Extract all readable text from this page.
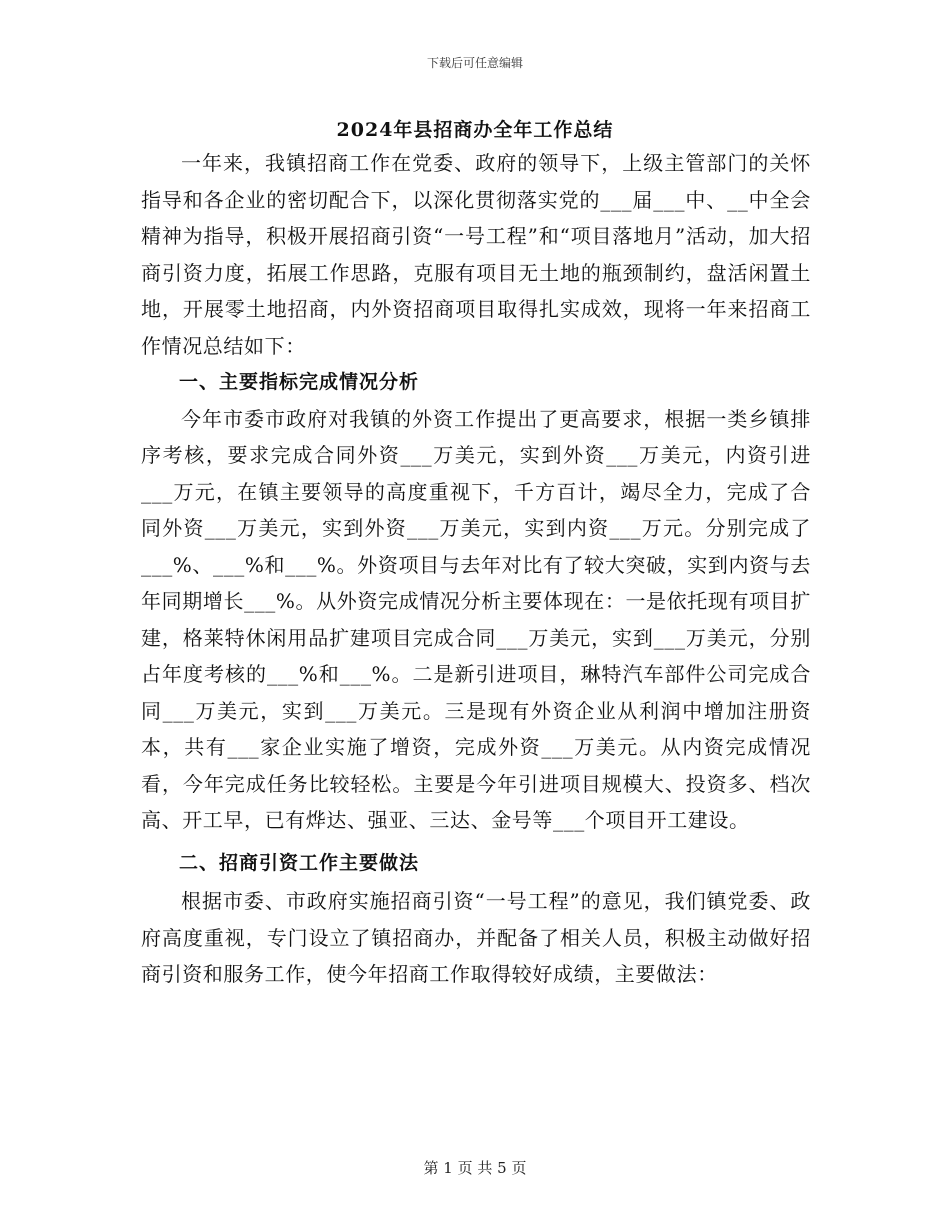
下载后可任意编辑
2024年县招商办全年工作总结

一年来，我镇招商工作在党委、政府的领导下，上级主管部门的关怀指导和各企业的密切配合下，以深化贯彻落实党的___届___中、__中全会精神为指导，积极开展招商引资“一号工程”和“项目落地月”活动，加大招商引资力度，拓展工作思路，克服有项目无土地的瓶颈制约，盘活闲置土地，开展零土地招商，内外资招商项目取得扎实成效，现将一年来招商工作情况总结如下：

一、主要指标完成情况分析

今年市委市政府对我镇的外资工作提出了更高要求，根据一类乡镇排序考核，要求完成合同外资___万美元，实到外资___万美元，内资引进___万元，在镇主要领导的高度重视下，千方百计，竭尽全力，完成了合同外资___万美元，实到外资___万美元，实到内资___万元。分别完成了___%、___%和___%。外资项目与去年对比有了较大突破，实到内资与去年同期增长___%。从外资完成情况分析主要体现在：一是依托现有项目扩建，格莱特休闲用品扩建项目完成合同___万美元，实到___万美元，分别占年度考核的___%和___%。二是新引进项目，琳特汽车部件公司完成合同___万美元，实到___万美元。三是现有外资企业从利润中增加注册资本，共有___家企业实施了增资，完成外资___万美元。从内资完成情况看，今年完成任务比较轻松。主要是今年引进项目规模大、投资多、档次高、开工早，已有烨达、强亚、三达、金号等___个项目开工建设。

二、招商引资工作主要做法

根据市委、市政府实施招商引资“一号工程”的意见，我们镇党委、政府高度重视，专门设立了镇招商办，并配备了相关人员，积极主动做好招商引资和服务工作，使今年招商工作取得较好成绩，主要做法：

第 1 页 共 5 页
